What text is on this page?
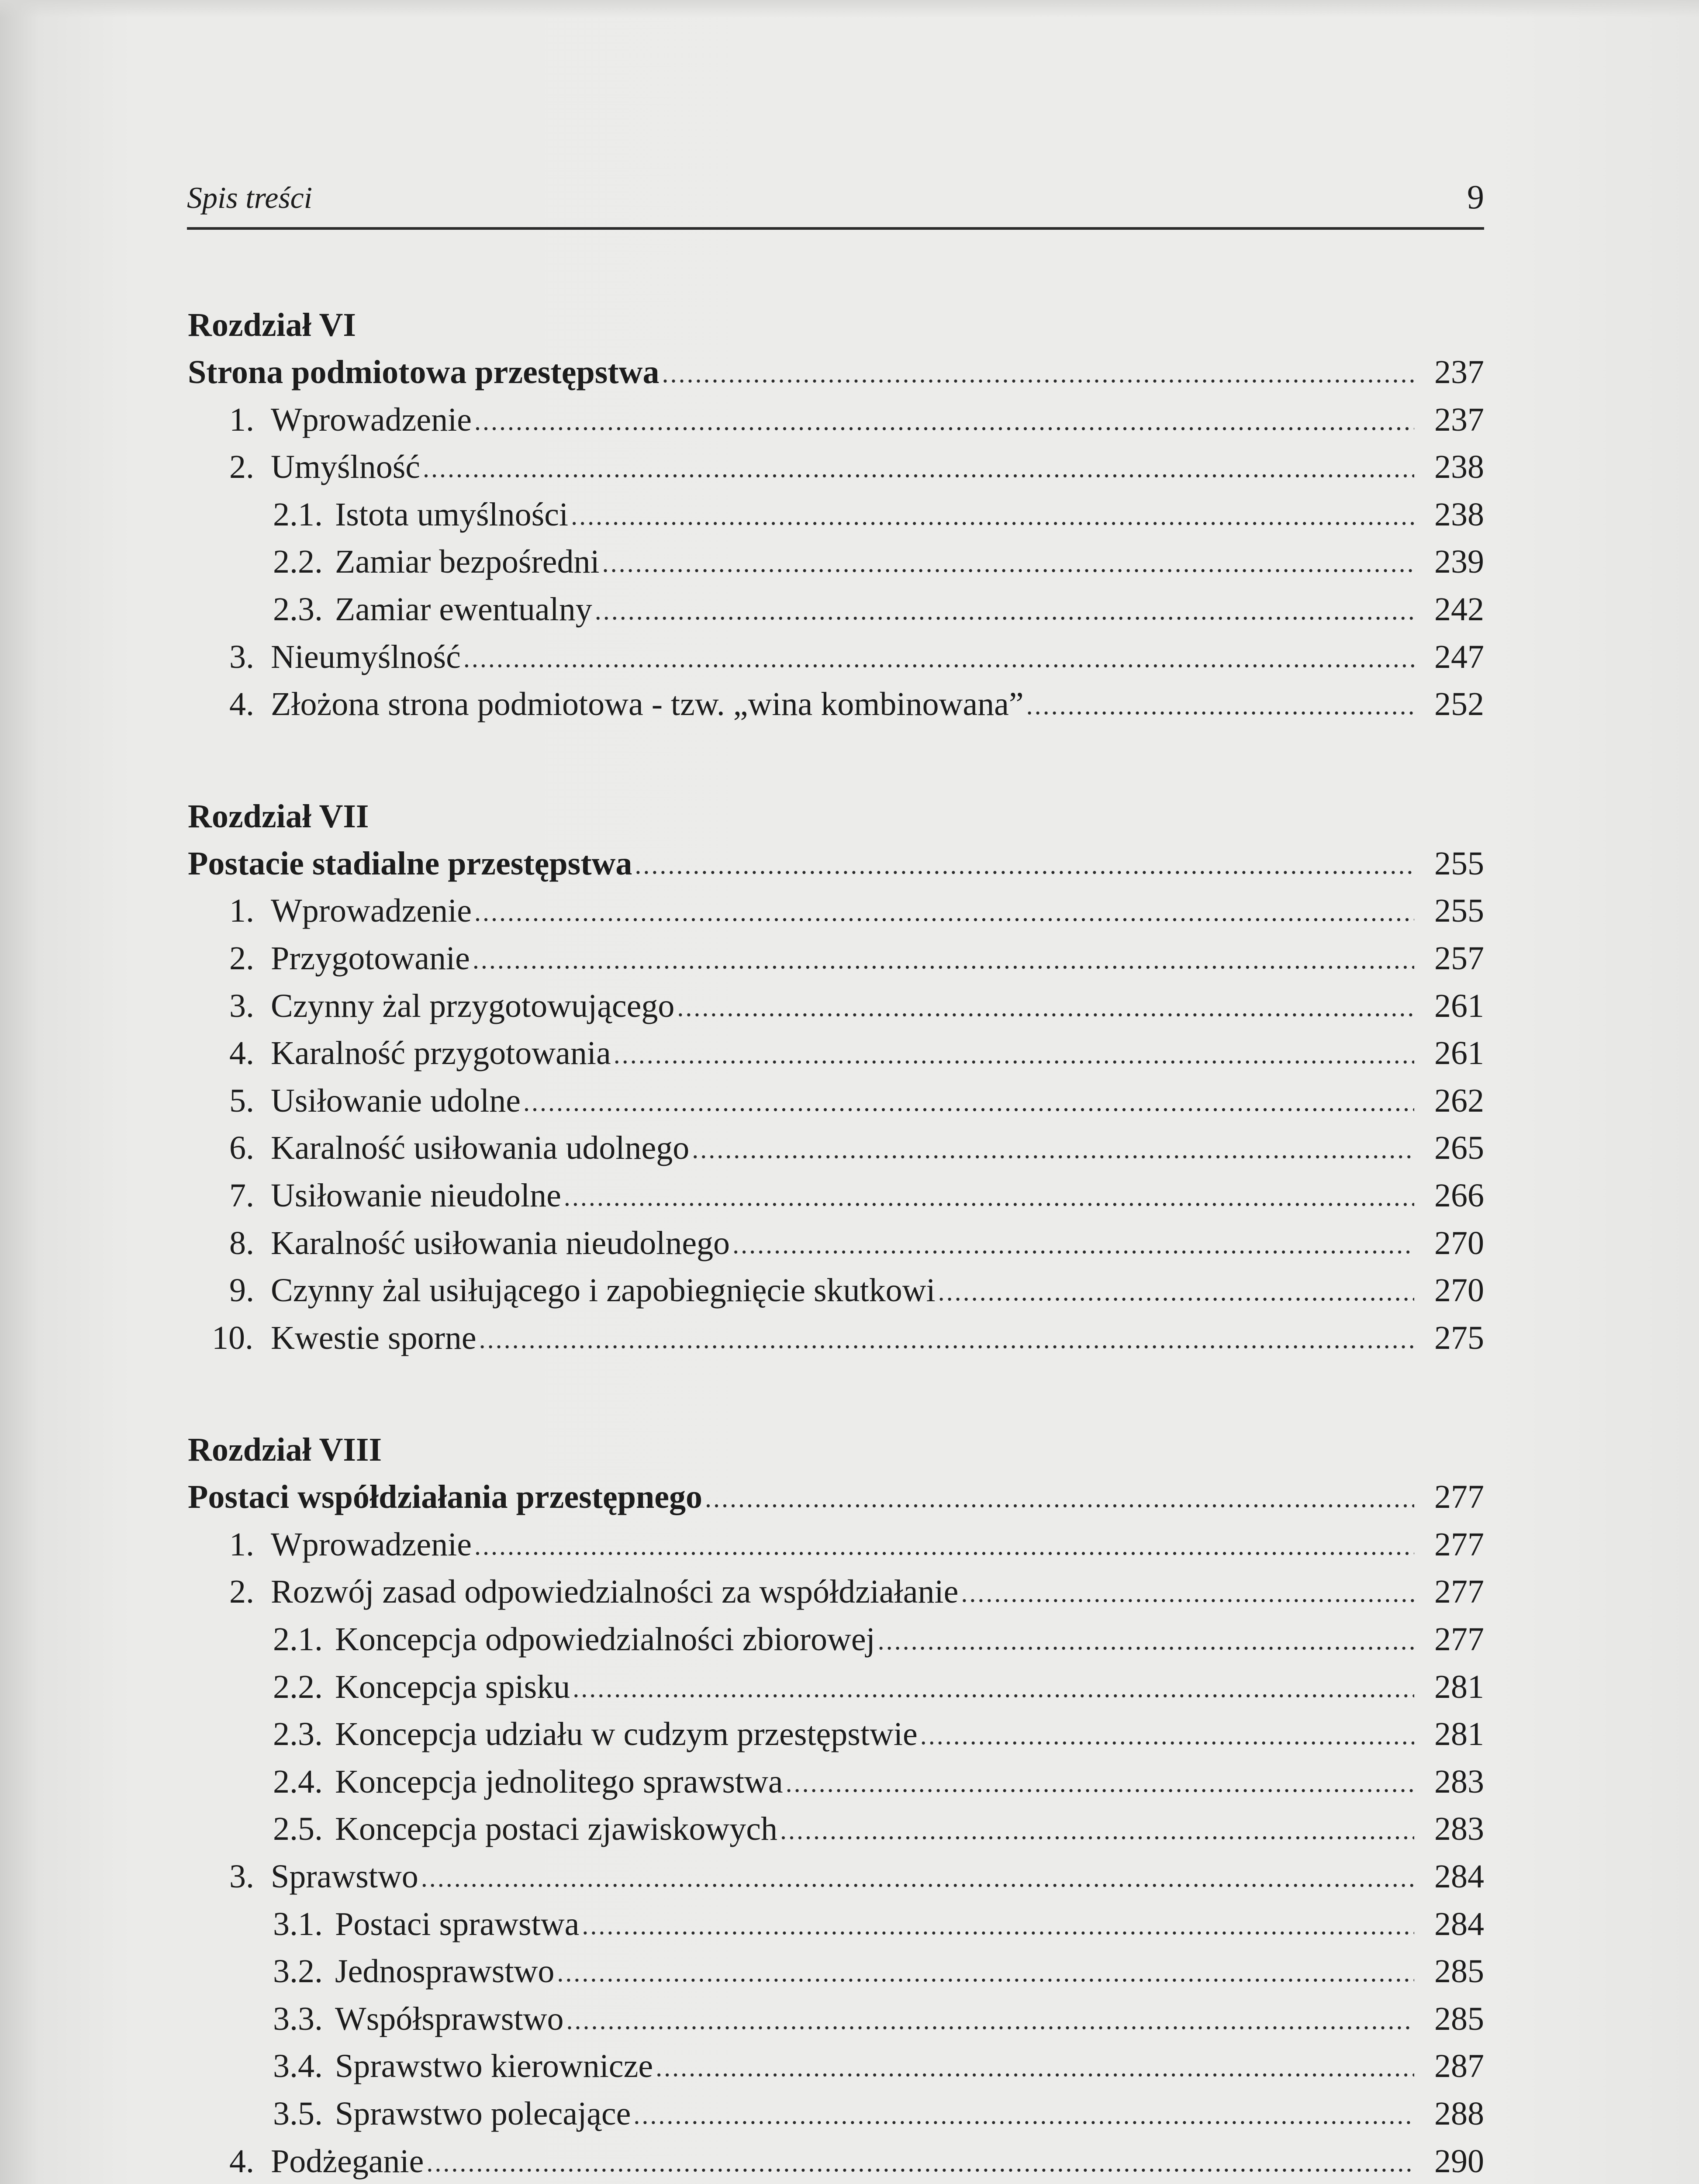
Spis treści	9
Rozdział VI
Strona podmiotowa przestępstwa .....	237
1. Wprowadzenie .....	237
2. Umyślność .....	238
2.1. Istota umyślności .....	238
2.2. Zamiar bezpośredni .....	239
2.3. Zamiar ewentualny .....	242
3. Nieumyślność .....	247
4. Złożona strona podmiotowa - tzw. „wina kombinowana” .....	252
Rozdział VII
Postacie stadialne przestępstwa .....	255
1. Wprowadzenie .....	255
2. Przygotowanie .....	257
3. Czynny żal przygotowującego .....	261
4. Karalność przygotowania .....	261
5. Usiłowanie udolne .....	262
6. Karalność usiłowania udolnego .....	265
7. Usiłowanie nieudolne .....	266
8. Karalność usiłowania nieudolnego .....	270
9. Czynny żal usiłującego i zapobiegnięcie skutkowi .....	270
10. Kwestie sporne .....	275
Rozdział VIII
Postaci współdziałania przestępnego .....	277
1. Wprowadzenie .....	277
2. Rozwój zasad odpowiedzialności za współdziałanie .....	277
2.1. Koncepcja odpowiedzialności zbiorowej .....	277
2.2. Koncepcja spisku .....	281
2.3. Koncepcja udziału w cudzym przestępstwie .....	281
2.4. Koncepcja jednolitego sprawstwa .....	283
2.5. Koncepcja postaci zjawiskowych .....	283
3. Sprawstwo .....	284
3.1. Postaci sprawstwa .....	284
3.2. Jednosprawstwo .....	285
3.3. Współsprawstwo .....	285
3.4. Sprawstwo kierownicze .....	287
3.5. Sprawstwo polecające .....	288
4. Podżeganie .....	290
